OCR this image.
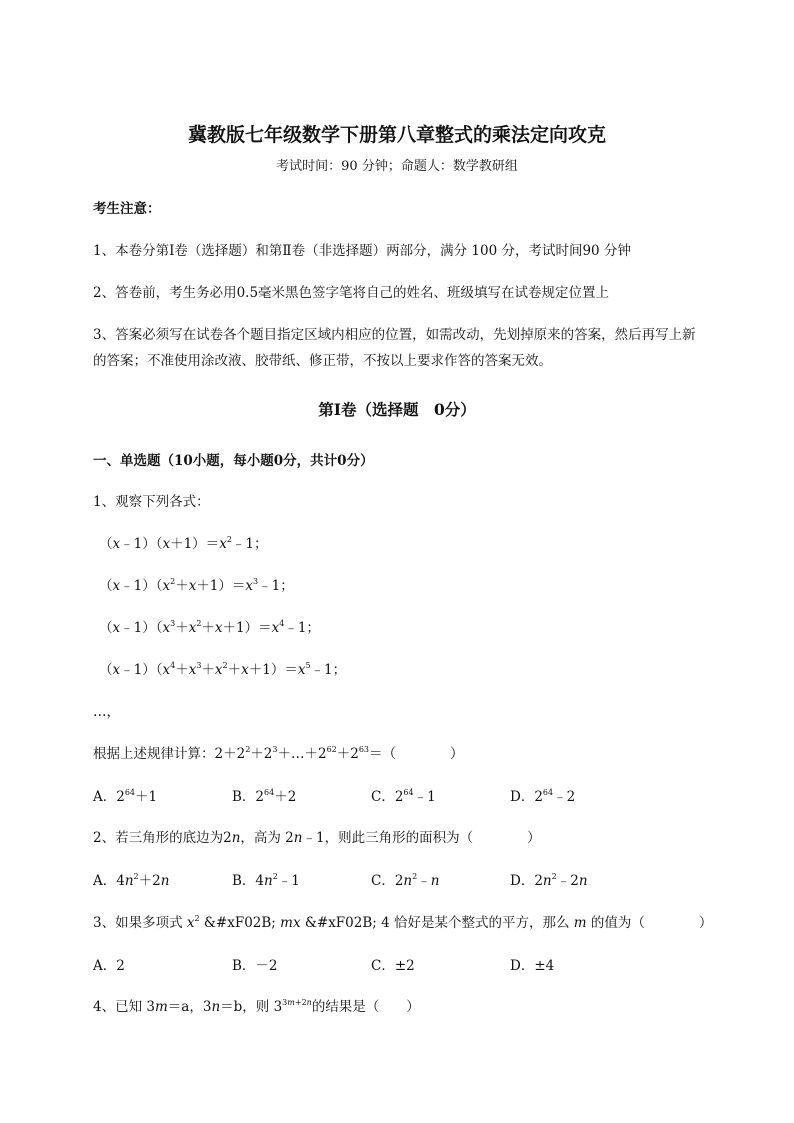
冀教版七年级数学下册第八章整式的乘法定向攻克
考试时间：90 分钟；命题人：数学教研组
考生注意：
1、本卷分第Ⅰ卷（选择题）和第Ⅱ卷（非选择题）两部分，满分 100 分，考试时间90 分钟
2、答卷前，考生务必用0.5毫米黑色签字笔将自己的姓名、班级填写在试卷规定位置上
3、答案必须写在试卷各个题目指定区域内相应的位置，如需改动，先划掉原来的答案，然后再写上新
的答案；不准使用涂改液、胶带纸、修正带，不按以上要求作答的答案无效。
第Ⅰ卷（选择题　0分）
一、单选题（10小题，每小题0分，共计0分）
1、观察下列各式：
$(x﹣1)(x+1)=x^2﹣1$；
$(x﹣1)(x^2+x+1)=x^3﹣1$；
$(x﹣1)(x^3+x^2+x+1)=x^4﹣1$；
$(x﹣1)(x^4+x^3+x^2+x+1)=x^5﹣1$；
…，
根据上述规律计算：$2+2^2+2^3+\dots+2^{62}+2^{63}=$（　　　　）
A．$2^{64}+1$	B．$2^{64}+2$	C．$2^{64}﹣1$	D．$2^{64}﹣2$
2、若三角形的底边为2n，高为 2n﹣1，则此三角形的面积为（　　　　）
A．$4n^2+2n$	B．$4n^2﹣1$	C．$2n^2﹣n$	D．$2n^2﹣2n$
3、如果多项式 $x^2$ &#xF02B; mx &#xF02B; 4 恰好是某个整式的平方，那么 m 的值为（　　　　）
A．2	B．－2	C．±2	D．±4
4、已知 3m＝a，3n＝b，则 $3^{3m+2n}$的结果是（　　）
